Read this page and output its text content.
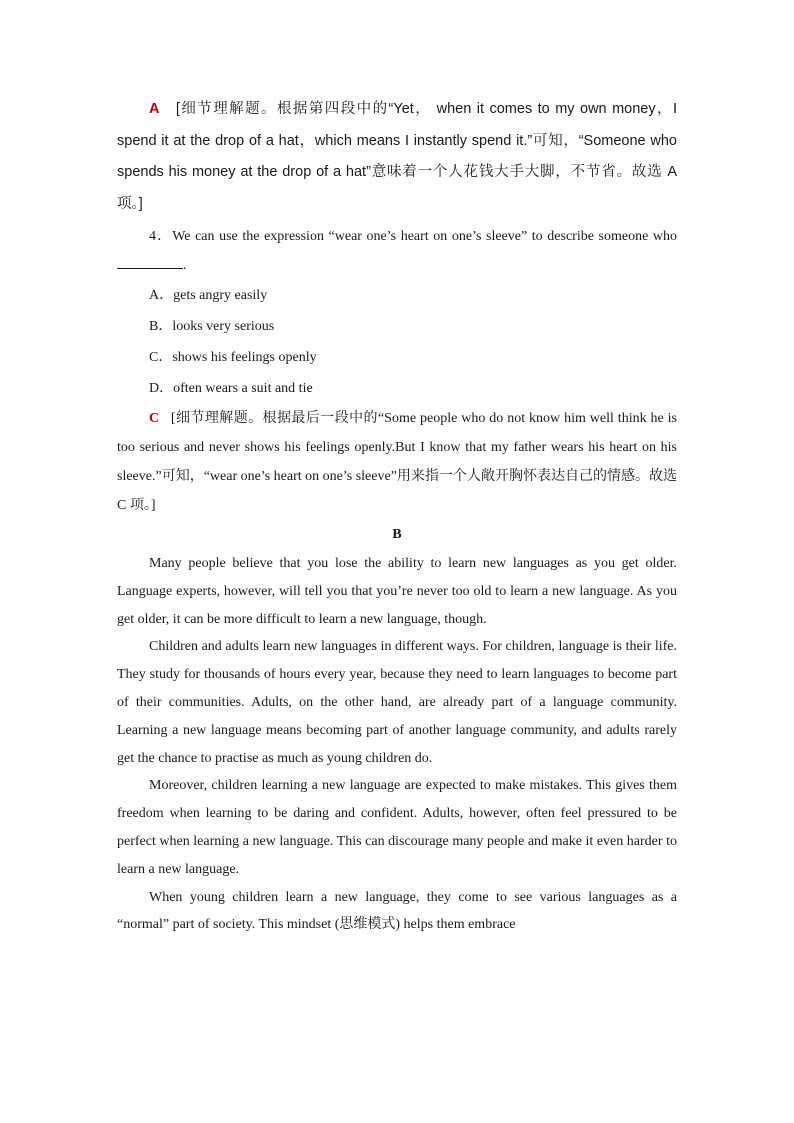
A [细节理解题。根据第四段中的“Yet， when it comes to my own money，I spend it at the drop of a hat，which means I instantly spend it.”可知，“Someone who spends his money at the drop of a hat”意味着一个人花钱大手大脚，不节省。故选 A 项。]

4．We can use the expression “wear one’s heart on one’s sleeve” to describe someone who .

A．gets angry easily

B．looks very serious

C．shows his feelings openly

D．often wears a suit and tie

C [细节理解题。根据最后一段中的“Some people who do not know him well think he is too serious and never shows his feelings openly.But I know that my father wears his heart on his sleeve.”可知，“wear one’s heart on one’s sleeve”用来指一个人敞开胸怀表达自己的情感。故选 C 项。]

B

Many people believe that you lose the ability to learn new languages as you get older. Language experts, however, will tell you that you’re never too old to learn a new language. As you get older, it can be more difficult to learn a new language, though.

Children and adults learn new languages in different ways. For children, language is their life. They study for thousands of hours every year, because they need to learn languages to become part of their communities. Adults, on the other hand, are already part of a language community. Learning a new language means becoming part of another language community, and adults rarely get the chance to practise as much as young children do.

Moreover, children learning a new language are expected to make mistakes. This gives them freedom when learning to be daring and confident. Adults, however, often feel pressured to be perfect when learning a new language. This can discourage many people and make it even harder to learn a new language.

When young children learn a new language, they come to see various languages as a “normal” part of society. This mindset (思维模式) helps them embrace
